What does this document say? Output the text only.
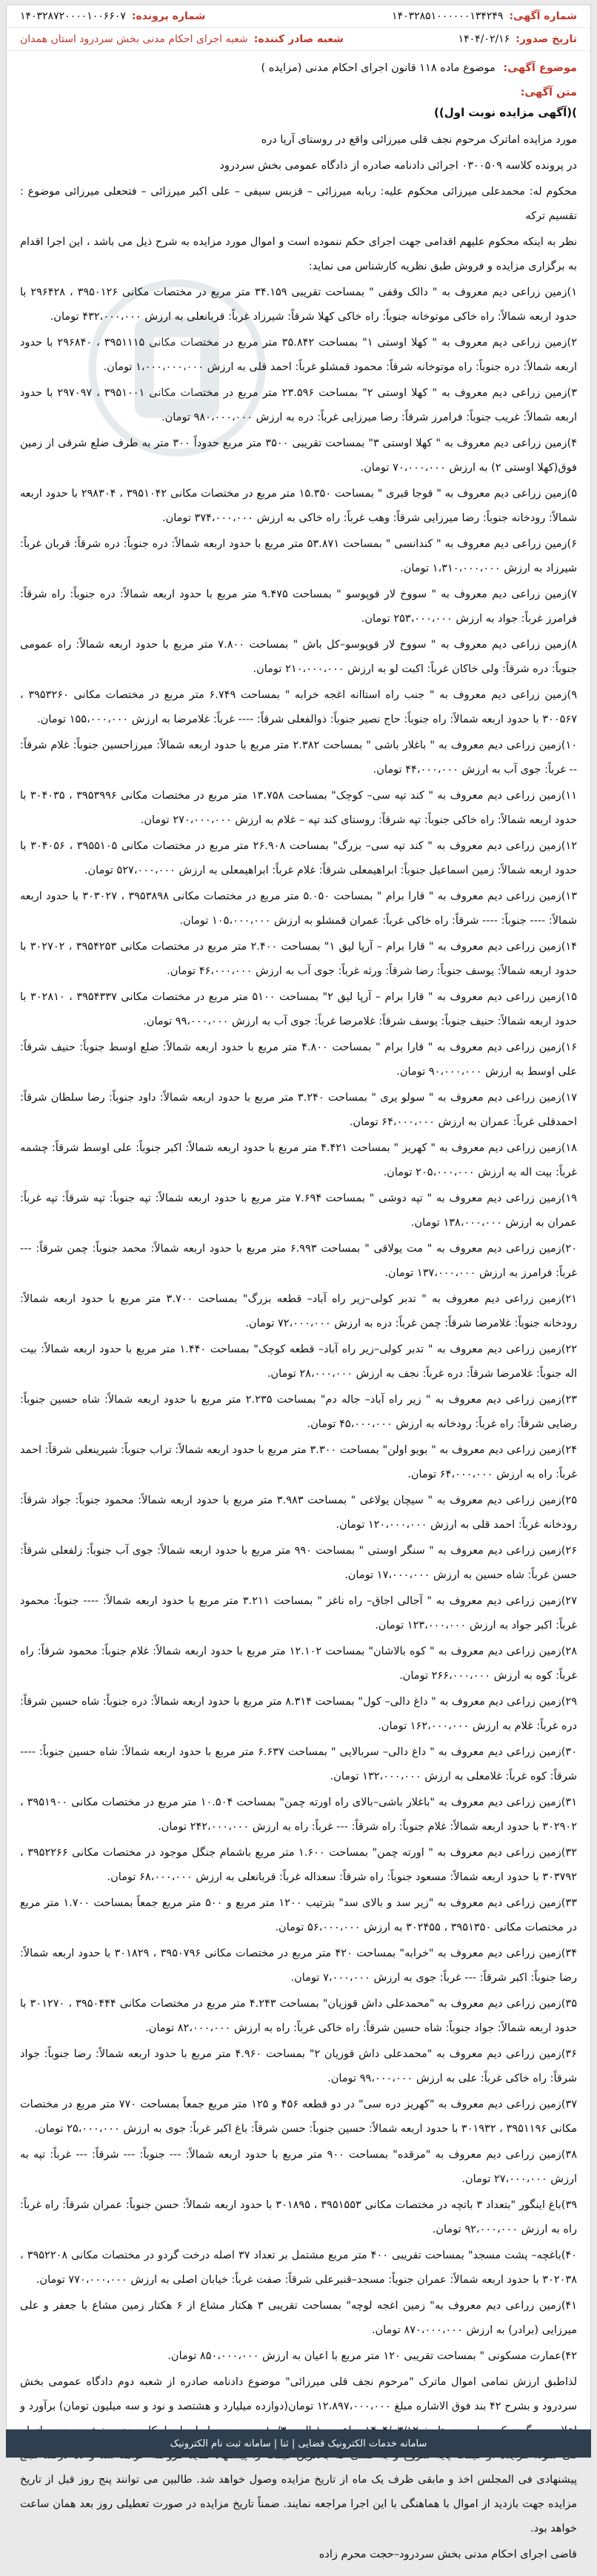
شماره آگهی:
۱۴۰۳۲۸۵۱۰۰۰۰۰۰۱۳۴۲۴۹
شماره پرونده:
۱۴۰۳۲۸۷۲۰۰۰۰۱۰۰۶۶۰۷
تاریخ صدور:
۱۴۰۴/۰۲/۱۶
شعبه صادر کننده:
شعبه اجرای احکام مدنی بخش سردرود استان همدان
موضوع آگهی: موضوع ماده ۱۱۸ قانون اجرای احکام مدنی (مزایده )
متن آگهی:
)(آگهی مزایده نوبت اول))

مورد مزایده اماترک مرحوم نجف قلی میرزائی واقع در روستای آریا دره

در پرونده کلاسه ۰۳۰۰۵۰۹ اجرائی دادنامه صادره از دادگاه عمومی بخش سردرود

محکوم له: محمدعلی میرزائی محکوم علیه: ربابه میرزائی – قزبس سیفی – علی اکبر میرزائی – فتحعلی میرزائی موضوع : تقسیم ترکه

نظر به اینکه محکوم علیهم اقدامی جهت اجرای حکم ننموده است و اموال مورد مزایده به شرح ذیل می باشد ، این اجرا اقدام به برگزاری مزایده و فروش طبق نظریه کارشناس می نماید:

۱)زمین زراعی دیم معروف به " دالک وقفی " بمساحت تقریبی ۳۴.۱۵۹ متر مربع در مختصات مکانی ۳۹۵۰۱۲۶ ، ۲۹۶۴۲۸ با حدود اربعه شمالاً: راه خاکی موتوخانه جنوباً: راه خاکی کهلا شرقاً: شیرزاد غرباً: قربانعلی به ارزش ۴۳۲،۰۰۰،۰۰۰ تومان.

۲)زمین زراعی دیم معروف به " کهلا اوستی ۱" بمساحت ۳۵.۸۴۲ متر مربع در مختصات مکانی ۳۹۵۱۱۱۵ ، ۲۹۶۸۴۰ با حدود اربعه شمالاً: دره جنوباً: راه موتوخانه شرقاً: محمود قمشلو غرباً: احمد قلی به ارزش ۱،۰۰۰،۰۰۰،۰۰۰ تومان.

۳)زمین زراعی دیم معروف به " کهلا اوستی ۲" بمساحت ۲۳.۵۹۶ متر مربع در مختصات مکانی ۳۹۵۱۰۰۱ ، ۲۹۷۰۹۷ با حدود اربعه شمالاً: غریب جنوباً: فرامرز شرقاً: رضا میرزایی غرباً: دره به ارزش ۹۸۰،۰۰۰،۰۰۰ تومان.

۴)زمین زراعی دیم معروف به " کهلا اوستی ۳" بمساحت تقریبی ۳۵۰۰ متر مربع حدوداً ۳۰۰ متر به طرف ضلع شرقی از زمین فوق(کهلا اوستی ۲) به ارزش ۷۰،۰۰۰،۰۰۰ تومان.

۵)زمین زراعی دیم معروف به " قوجا قبری " بمساحت ۱۵.۳۵۰ متر مربع در مختصات مکانی ۳۹۵۱۰۴۲ ، ۲۹۸۳۰۴ با حدود اربعه شمالاً: رودخانه جنوباً: رضا میرزایی شرقاً: وهب غرباً: راه خاکی به ارزش ۳۷۴،۰۰۰،۰۰۰ تومان.

۶)زمین زراعی دیم معروف به " کندانسی " بمساحت ۵۳.۸۷۱ متر مربع با حدود اربعه شمالاً: دره جنوباً: دره شرقاً: قربان غرباً: شیرزاد به ارزش ۱،۳۱۰،۰۰۰،۰۰۰ تومان.

۷)زمین زراعی دیم معروف به " سووخ لار قوپوسو " بمساحت ۹.۴۷۵ متر مربع با حدود اربعه شمالاً: دره جنوباً: راه شرقاً: فرامرز غرباً: جواد به ارزش ۲۵۳،۰۰۰،۰۰۰ تومان.

۸)زمین زراعی دیم معروف به " سووخ لار قوپوسو–کل باش " بمساحت ۷.۸۰۰ متر مربع با حدود اربعه شمالاً: راه عمومی جنوباً: دره شرقاً: ولی خاکان غرباً: اکبت لو به ارزش ۲۱۰،۰۰۰،۰۰۰ تومان.

۹)زمین زراعی دیم معروف به " جنب راه استاانه اغجه خرابه " بمساحت ۶.۷۴۹ متر مربع در مختصات مکانی ۳۹۵۳۲۶۰ ، ۳۰۰۵۶۷ با حدود اربعه شمالاً: راه جنوباً: حاج نصیر جنوباً: ذوالفعلی شرقاً: ---- غرباً: غلامرضا به ارزش ۱۵۵،۰۰۰،۰۰۰ تومان.

۱۰)زمین زراعی دیم معروف به " باغلار باشی " بمساحت ۲.۳۸۲ متر مربع با حدود اربعه شمالاً: میرزاحسین جنوباً: غلام شرقاً: -- غرباً: جوی آب به ارزش ۴۴،۰۰۰،۰۰۰ تومان.

۱۱)زمین زراعی دیم معروف به " کند تپه سی– کوچک" بمساحت ۱۳.۷۵۸ متر مربع در مختصات مکانی ۳۹۵۳۹۹۶ ، ۳۰۴۰۳۵ با حدود اربعه شمالاً: راه خاکی جنوباً: تپه شرقاً: روستای کند تپه – غلام به ارزش ۲۷۰،۰۰۰،۰۰۰ تومان.

۱۲)زمین زراعی دیم معروف به " کند تپه سی– بزرگ" بمساحت ۲۶.۹۰۸ متر مربع در مختصات مکانی ۳۹۵۵۱۰۵ ، ۳۰۴۰۵۶ با حدود اربعه شمالاً: زمین اسماعیل جنوباً: ابراهیمعلی شرقاً: غلام غرباً: ابراهیمعلی به ارزش ۵۲۷،۰۰۰،۰۰۰ تومان.

۱۳)زمین زراعی دیم معروف به " قارا برام " بمساحت ۵.۰۵۰ متر مربع در مختصات مکانی ۳۹۵۳۸۹۸ ، ۳۰۳۰۲۷ با حدود اربعه شمالاً: ---- جنوباً: ---- شرقاً: راه خاکی غرباً: عمران قمشلو به ارزش ۱۰۵،۰۰۰،۰۰۰ تومان.

۱۴)زمین زراعی دیم معروف به " قارا برام – آرپا لیق ۱" بمساحت ۲.۴۰۰ متر مربع در مختصات مکانی ۳۹۵۴۲۵۳ ، ۳۰۲۷۰۲ با حدود اربعه شمالاً: یوسف جنوباً: رضا شرقاً: ورثه غرباً: جوی آب به ارزش ۴۶،۰۰۰،۰۰۰ تومان.

۱۵)زمین زراعی دیم معروف به " قارا برام – آرپا لیق ۲" بمساحت ۵۱۰۰ متر مربع در مختصات مکانی ۳۹۵۴۳۳۷ ، ۳۰۲۸۱۰ با حدود اربعه شمالاً: حنیف جنوباً: یوسف شرقاً: غلامرضا غرباً: جوی آب به ارزش ۹۹،۰۰۰،۰۰۰ تومان.

۱۶)زمین زراعی دیم معروف به " قارا برام " بمساحت ۴.۸۰۰ متر مربع با حدود اربعه شمالاً: ضلع اوسط جنوباً: حنیف شرقاً: علی اوسط به ارزش ۹۰،۰۰۰،۰۰۰ تومان.

۱۷)زمین زراعی دیم معروف به " سولو یری " بمساحت ۳.۲۴۰ متر مربع با حدود اربعه شمالاً: داود جنوباً: رضا سلطان شرقاً: احمدقلی غرباً: عمران به ارزش ۶۴،۰۰۰،۰۰۰ تومان.

۱۸)زمین زراعی دیم معروف به " کهریز " بمساحت ۴.۴۲۱ متر مربع با حدود اربعه شمالاً: اکبر جنوباً: علی اوسط شرقاً: چشمه غرباً: بیت اله به ارزش ۲۰۵،۰۰۰،۰۰۰ تومان.

۱۹)زمین زراعی دیم معروف به " تپه دوشی " بمساحت ۷.۶۹۴ متر مربع با حدود اربعه شمالاً: تپه جنوباً: تپه شرقاً: تپه غرباً: عمران به ارزش ۱۳۸،۰۰۰،۰۰۰ تومان.

۲۰)زمین زراعی دیم معروف به " مت یولاقی " بمساحت ۶.۹۹۳ متر مربع با حدود اربعه شمالاً: محمد جنوباً: چمن شرقاً: --- غرباً: فرامرز به ارزش ۱۳۷،۰۰۰،۰۰۰ تومان.

۲۱)زمین زراعی دیم معروف به " تدبر کولی–زیر راه آباد– قطعه بزرگ" بمساحت ۳.۷۰۰ متر مربع با حدود اربعه شمالاً: رودخانه جنوباً: غلامرضا شرقاً: چمن غرباً: دره به ارزش ۷۲،۰۰۰،۰۰۰ تومان.

۲۲)زمین زراعی دیم معروف به " تدبر کولی–زیر راه آباد– قطعه کوچک" بمساحت ۱.۴۴۰ متر مربع با حدود اربعه شمالاً: بیت اله جنوباً: غلامرضا شرقاً: دره غرباً: نجف به ارزش ۲۸،۰۰۰،۰۰۰ تومان.

۲۳)زمین زراعی دیم معروف به " زیر راه آباد– جاله دم" بمساحت ۲.۲۳۵ متر مربع با حدود اربعه شمالاً: شاه حسین جنوباً: رضایی شرقاً: راه غرباً: رودخانه به ارزش ۴۵،۰۰۰،۰۰۰ تومان.

۲۴)زمین زراعی دیم معروف به " بویو اولن" بمساحت ۳.۳۰۰ متر مربع با حدود اربعه شمالاً: تراب جنوباً: شیرینعلی شرقاً: احمد غرباً: راه به ارزش ۶۴،۰۰۰،۰۰۰ تومان.

۲۵)زمین زراعی دیم معروف به " سیچان یولاغی " بمساحت ۳.۹۸۳ متر مربع با حدود اربعه شمالاً: محمود جنوباً: جواد شرقاً: رودخانه غرباً: احمد قلی به ارزش ۱۲۰،۰۰۰،۰۰۰ تومان.

۲۶)زمین زراعی دیم معروف به " سنگر اوستی " بمساحت ۹۹۰ متر مربع با حدود اربعه شمالاً: جوی آب جنوباً: زلفعلی شرقاً: حسن غرباً: شاه حسین به ارزش ۱۷،۰۰۰،۰۰۰ تومان.

۲۷)زمین زراعی دیم معروف به " آجالی اجاق– راه ناغز " بمساحت ۳.۲۱۱ متر مربع با حدود اربعه شمالاً: ---- جنوباً: محمود غرباً: اکبر جواد به ارزش ۱۲۳،۰۰۰،۰۰۰ تومان.

۲۸)زمین زراعی دیم معروف به " کوه بالاشان" بمساحت ۱۲.۱۰۲ متر مربع با حدود اربعه شمالاً: غلام جنوباً: محمود شرقاً: راه غرباً: کوه به ارزش ۲۶۶،۰۰۰،۰۰۰ تومان.

۲۹)زمین زراعی دیم معروف به " داغ دالی– کول" بمساحت ۸.۳۱۴ متر مربع با حدود اربعه شمالاً: دره جنوباً: شاه حسین شرقاً: دره غرباً: غلام به ارزش ۱۶۲،۰۰۰،۰۰۰ تومان.

۳۰)زمین زراعی دیم معروف به " داغ دالی– سربالایی " بمساحت ۶.۶۳۷ متر مربع با حدود اربعه شمالاً: شاه حسین جنوباً: ---- شرقاً: کوه غرباً: غلامعلی به ارزش ۱۳۲،۰۰۰،۰۰۰ تومان.

۳۱)زمین زراعی دیم معروف به "باغلار باشی–بالای راه اورته چمن" بمساحت ۱۰.۵۰۴ متر مربع در مختصات مکانی ۳۹۵۱۹۰۰ ، ۳۰۲۹۰۲ با حدود اربعه شمالاً: غلام جنوباً: راه شرقاً: --- غرباً: راه به ارزش ۲۴۲،۰۰۰،۰۰۰ تومان.

۳۲)زمین زراعی دیم معروف به " اورته چمن" بمساحت ۱.۶۰۰ متر مربع باشمام جنگل موجود در مختصات مکانی ۳۹۵۲۲۶۶ ، ۳۰۳۷۹۲ با حدود اربعه شمالاً: مسعود جنوباً: راه شرقاً: سعداله غرباً: قربانعلی به ارزش ۶۸،۰۰۰،۰۰۰ تومان.

۳۳)زمین زراعی دیم معروف به "زیر سد و بالای سد" بترتیب ۱۲۰۰ متر مربع و ۵۰۰ متر مربع جمعاً بمساحت ۱.۷۰۰ متر مربع در مختصات مکانی ۳۹۵۱۳۵۰ ، ۳۰۲۴۵۵ به ارزش ۵۶،۰۰۰،۰۰۰ تومان.

۳۴)زمین زراعی دیم معروف به "خرابه" بمساحت ۴۲۰ متر مربع در مختصات مکانی ۳۹۵۰۷۹۶ ، ۳۰۱۸۲۹ با حدود اربعه شمالاً: رضا جنوباً: اکبر شرقاً: --- غرباً: جوی به ارزش ۷،۰۰۰،۰۰۰ تومان.

۳۵)زمین زراعی دیم معروف به "محمدعلی داش قوزیان" بمساحت ۴.۲۴۳ متر مربع در مختصات مکانی ۳۹۵۰۴۴۴ ، ۳۰۱۲۷۰ با حدود اربعه شمالاً: جواد جنوباً: شاه حسین شرقاً: راه خاکی غرباً: راه به ارزش ۸۲،۰۰۰،۰۰۰ تومان.

۳۶)زمین زراعی دیم معروف به "محمدعلی داش قوزیان ۲" بمساحت ۴.۹۶۰ متر مربع با حدود اربعه شمالاً: رضا جنوباً: جواد شرقاً: راه خاکی غرباً: علی به ارزش ۹۹،۰۰۰،۰۰۰ تومان.

۳۷)زمین زراعی دیم معروف به "کهریز دره سی" در دو قطعه ۴۵۶ و ۱۲۵ متر مربع جمعاً بمساحت ۷۷۰ متر مربع در مختصات مکانی ۳۹۵۱۱۹۶ ، ۳۰۱۹۳۲ با حدود اربعه شمالاً: حسین جنوباً: حسن شرقاً: باغ اکبر غرباً: جوی به ارزش ۲۵،۰۰۰،۰۰۰ تومان.

۳۸)زمین زراعی دیم معروف به "مرقده" بمساحت ۹۰۰ متر مربع با حدود اربعه شمالاً: --- جنوباً: --- شرقاً: --- غرباً: تپه به ارزش ۲۷،۰۰۰،۰۰۰ تومان.

۳۹)باغ اینگور "بتعداد ۳ باتچه در مختصات مکانی ۳۹۵۱۵۵۳ ، ۳۰۱۸۹۵ با حدود اربعه شمالاً: حسن جنوباً: عمران شرقاً: راه غرباً: راه به ارزش ۹۲،۰۰۰،۰۰۰ تومان.

۴۰)باغچه– پشت مسجد" بمساحت تقریبی ۴۰۰ متر مربع مشتمل بر تعداد ۳۷ اصله درخت گردو در مختصات مکانی ۳۹۵۲۲۰۸ ، ۳۰۲۰۳۸ با حدود اربعه شمالاً: عمران جنوباً: مسجد–قنبرعلی شرقاً: صفت غرباً: خیابان اصلی به ارزش ۷۷۰،۰۰۰،۰۰۰ تومان.

۴۱)زمین زراعی دیم معروف به" زمین اغجه لوچه" بمساحت تقریبی ۳ هکتار مشاع از ۶ هکتار زمین مشاع با جعفر و علی میرزایی (برادر) به ارزش ۸۷۰،۰۰۰،۰۰۰ تومان.

۴۲)عمارت مسکونی " بمساحت تقریبی ۱۲۰ متر مربع با اعیان به ارزش ۸۵۰،۰۰۰،۰۰۰ تومان.

لذاطبق ارزش تمامی اموال ماترک "مرحوم نجف قلی میرزائی" موضوع دادنامه صادره از شعبه دوم دادگاه عمومی بخش سردرود و بشرح ۴۲ بند فوق الاشاره مبلغ ۱۲،۸۹۷،۰۰۰،۰۰۰ تومان(دوازده میلیارد و هشتصد و نود و سه میلیون تومان) برآورد و اعلام می گردد که مزایده در تاریخ ۱۴۰۴/۰۳/۱۲ ساعت ۱۰ الی ۱۰/۳۰ صبح در محل اجرای احکام مدنی بخش سردرود انجام می شود. مزایده از قیمت پایه شروع و به کسی که بالاترین قیمت را پیشنهاد نماید فروخته خواهد شد و ده درصد مبلغ پیشنهادی فی المجلس اخذ و مابقی ظرف یک ماه از تاریخ مزایده وصول خواهد شد. طالبین می توانند پنج روز قبل از تاریخ مزایده جهت بازدید از اموال با هماهنگی با این اجرا مراجعه نمایند. ضمناً تاریخ مزایده در صورت تعطیلی روز بعد همان ساعت خواهد بود.

سامانه خدمات الکترونیک قضایی | ثنا | سامانه ثبت نام الکترونیک
